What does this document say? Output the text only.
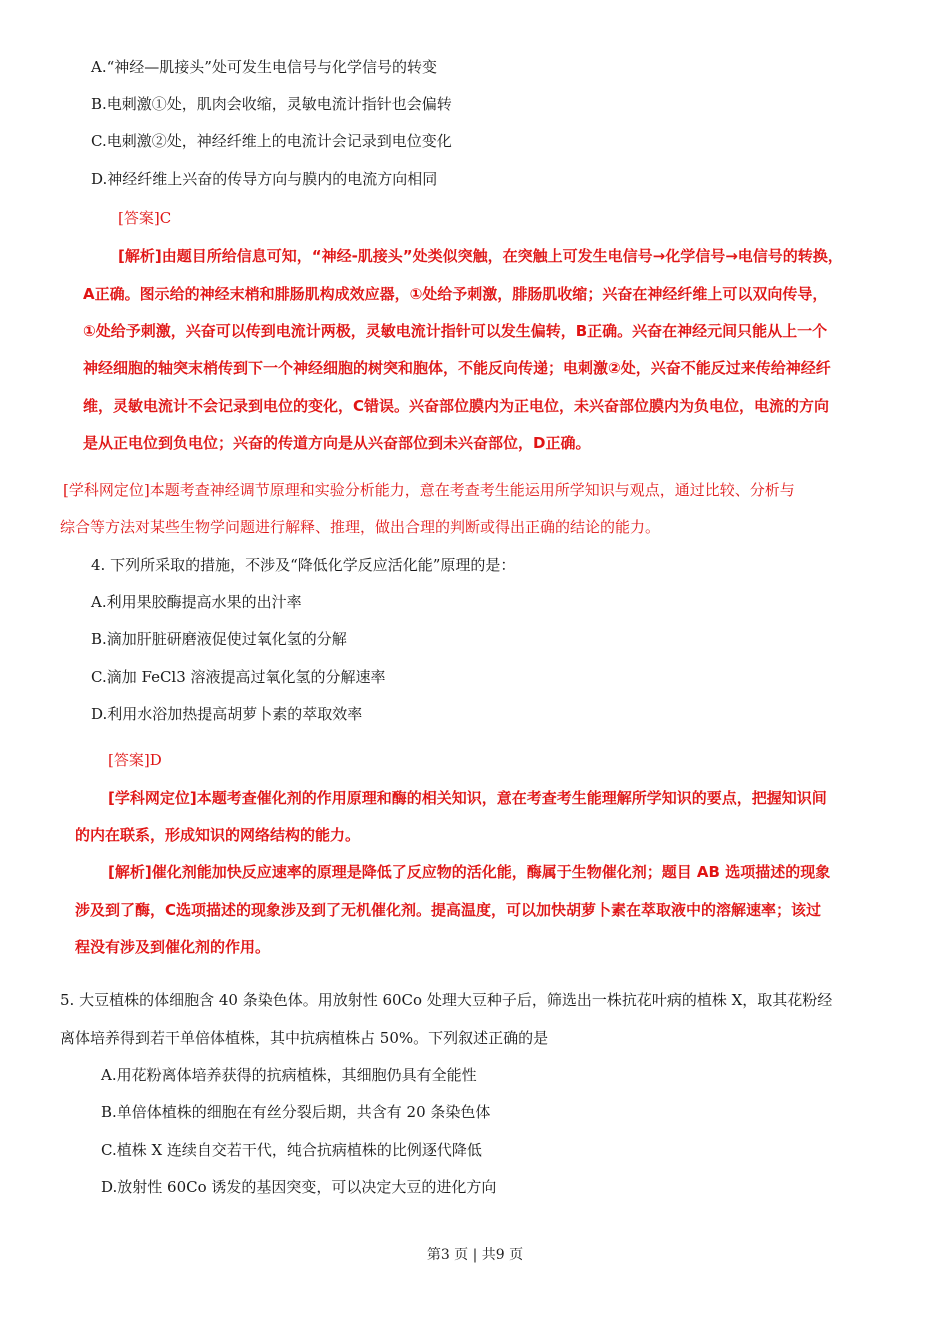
A.“神经—肌接头”处可发生电信号与化学信号的转变
B.电刺激①处，肌肉会收缩，灵敏电流计指针也会偏转
C.电刺激②处，神经纤维上的电流计会记录到电位变化
D.神经纤维上兴奋的传导方向与膜内的电流方向相同
[答案]C
[解析]由题目所给信息可知，“神经-肌接头”处类似突触，在突触上可发生电信号→化学信号→电信号的转换，
A正确。图示给的神经末梢和腓肠肌构成效应器，①处给予刺激，腓肠肌收缩；兴奋在神经纤维上可以双向传导，
①处给予刺激，兴奋可以传到电流计两极，灵敏电流计指针可以发生偏转，B正确。兴奋在神经元间只能从上一个
神经细胞的轴突末梢传到下一个神经细胞的树突和胞体，不能反向传递；电刺激②处，兴奋不能反过来传给神经纤
维，灵敏电流计不会记录到电位的变化，C错误。兴奋部位膜内为正电位，未兴奋部位膜内为负电位，电流的方向
是从正电位到负电位；兴奋的传道方向是从兴奋部位到未兴奋部位，D正确。
[学科网定位]本题考查神经调节原理和实验分析能力，意在考查考生能运用所学知识与观点，通过比较、分析与
综合等方法对某些生物学问题进行解释、推理，做出合理的判断或得出正确的结论的能力。
4. 下列所采取的措施，不涉及“降低化学反应活化能”原理的是：
A.利用果胶酶提高水果的出汁率
B.滴加肝脏研磨液促使过氧化氢的分解
C.滴加 FeCl3 溶液提高过氧化氢的分解速率
D.利用水浴加热提高胡萝卜素的萃取效率
[答案]D
[学科网定位]本题考查催化剂的作用原理和酶的相关知识，意在考查考生能理解所学知识的要点，把握知识间
的内在联系，形成知识的网络结构的能力。
[解析]催化剂能加快反应速率的原理是降低了反应物的活化能，酶属于生物催化剂；题目 AB 选项描述的现象
涉及到了酶，C选项描述的现象涉及到了无机催化剂。提高温度，可以加快胡萝卜素在萃取液中的溶解速率；该过
程没有涉及到催化剂的作用。
5. 大豆植株的体细胞含 40 条染色体。用放射性 60Co 处理大豆种子后，筛选出一株抗花叶病的植株 X，取其花粉经
离体培养得到若干单倍体植株，其中抗病植株占 50%。下列叙述正确的是
A.用花粉离体培养获得的抗病植株，其细胞仍具有全能性
B.单倍体植株的细胞在有丝分裂后期，共含有 20 条染色体
C.植株 X 连续自交若干代，纯合抗病植株的比例逐代降低
D.放射性 60Co 诱发的基因突变，可以决定大豆的进化方向
第3 页 | 共9 页
